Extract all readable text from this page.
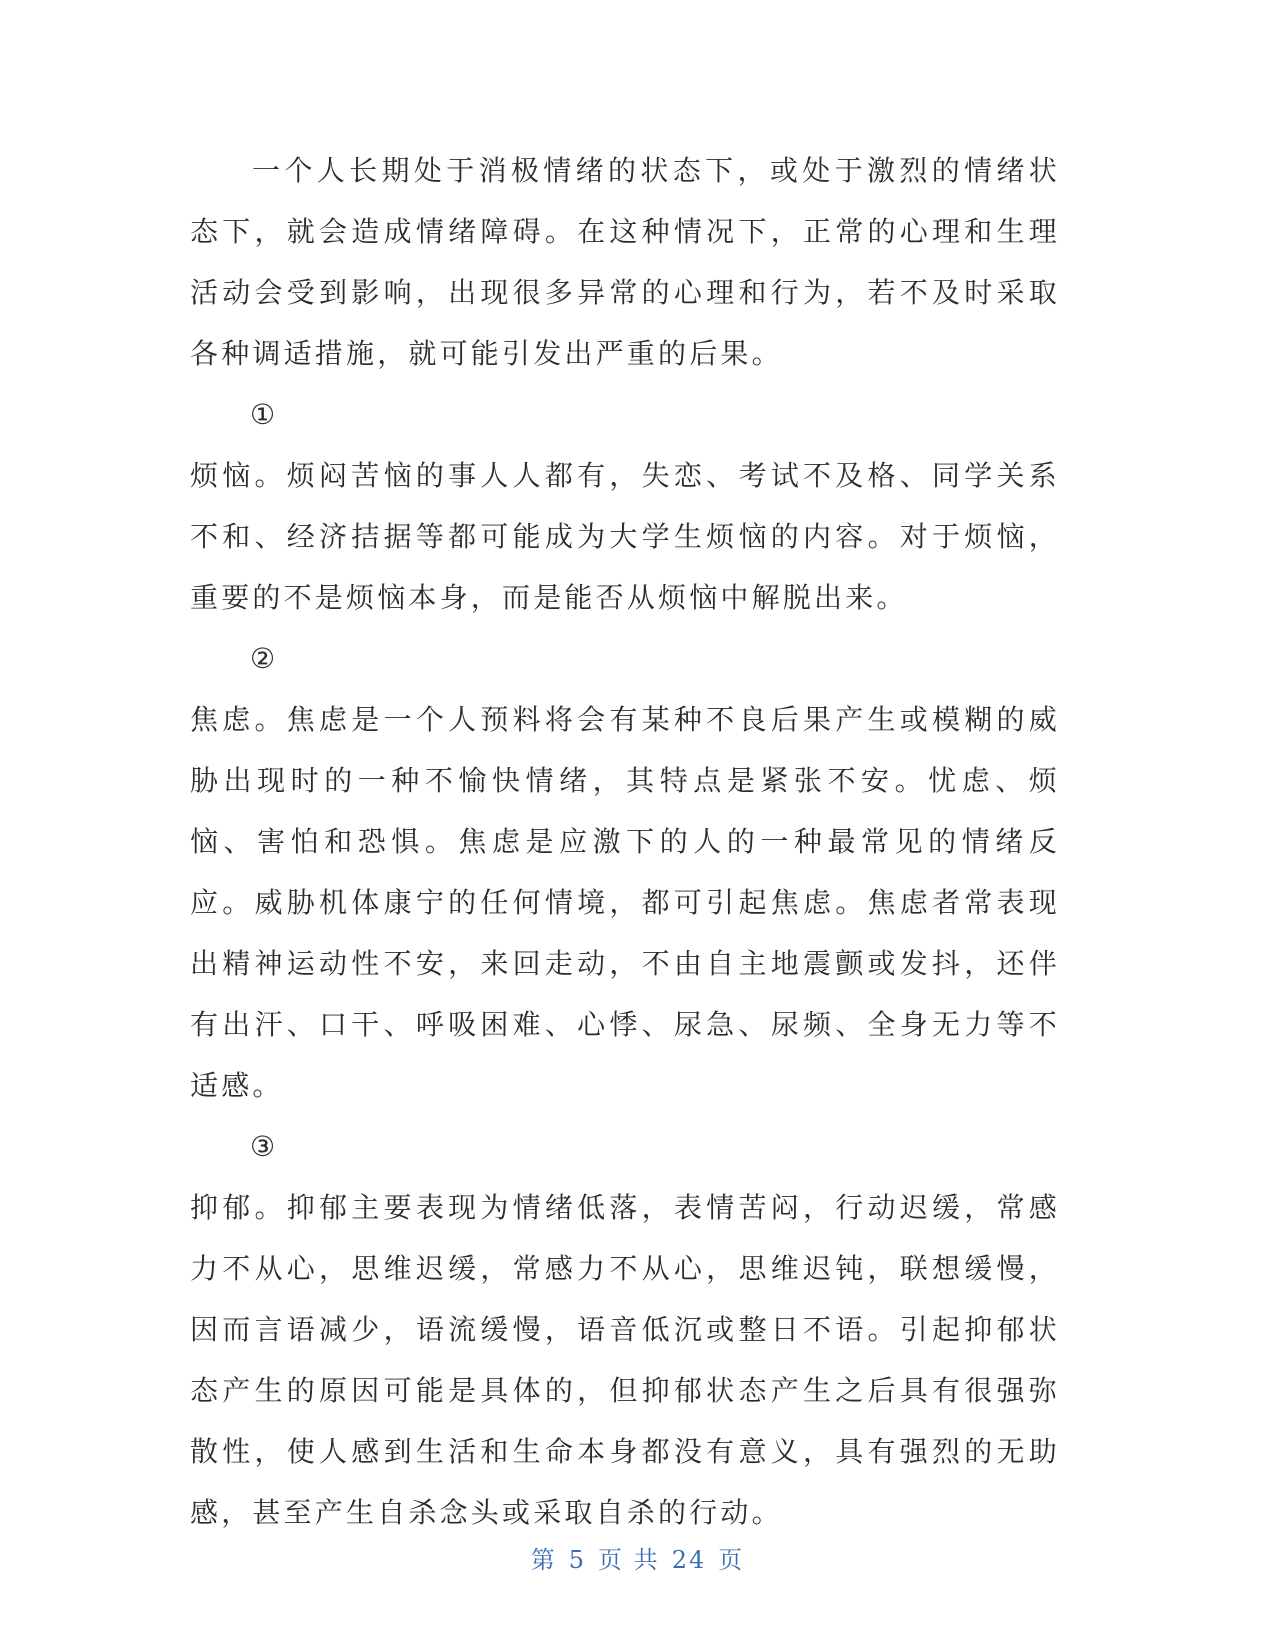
一个人长期处于消极情绪的状态下，或处于激烈的情绪状态下，就会造成情绪障碍。在这种情况下，正常的心理和生理活动会受到影响，出现很多异常的心理和行为，若不及时采取各种调适措施，就可能引发出严重的后果。

①

烦恼。烦闷苦恼的事人人都有，失恋、考试不及格、同学关系不和、经济拮据等都可能成为大学生烦恼的内容。对于烦恼，重要的不是烦恼本身，而是能否从烦恼中解脱出来。

②

焦虑。焦虑是一个人预料将会有某种不良后果产生或模糊的威胁出现时的一种不愉快情绪，其特点是紧张不安。忧虑、烦恼、害怕和恐惧。焦虑是应激下的人的一种最常见的情绪反应。威胁机体康宁的任何情境，都可引起焦虑。焦虑者常表现出精神运动性不安，来回走动，不由自主地震颤或发抖，还伴有出汗、口干、呼吸困难、心悸、尿急、尿频、全身无力等不适感。

③

抑郁。抑郁主要表现为情绪低落，表情苦闷，行动迟缓，常感力不从心，思维迟缓，常感力不从心，思维迟钝，联想缓慢，因而言语减少，语流缓慢，语音低沉或整日不语。引起抑郁状态产生的原因可能是具体的，但抑郁状态产生之后具有很强弥散性，使人感到生活和生命本身都没有意义，具有强烈的无助感，甚至产生自杀念头或采取自杀的行动。

第 5 页 共 24 页
